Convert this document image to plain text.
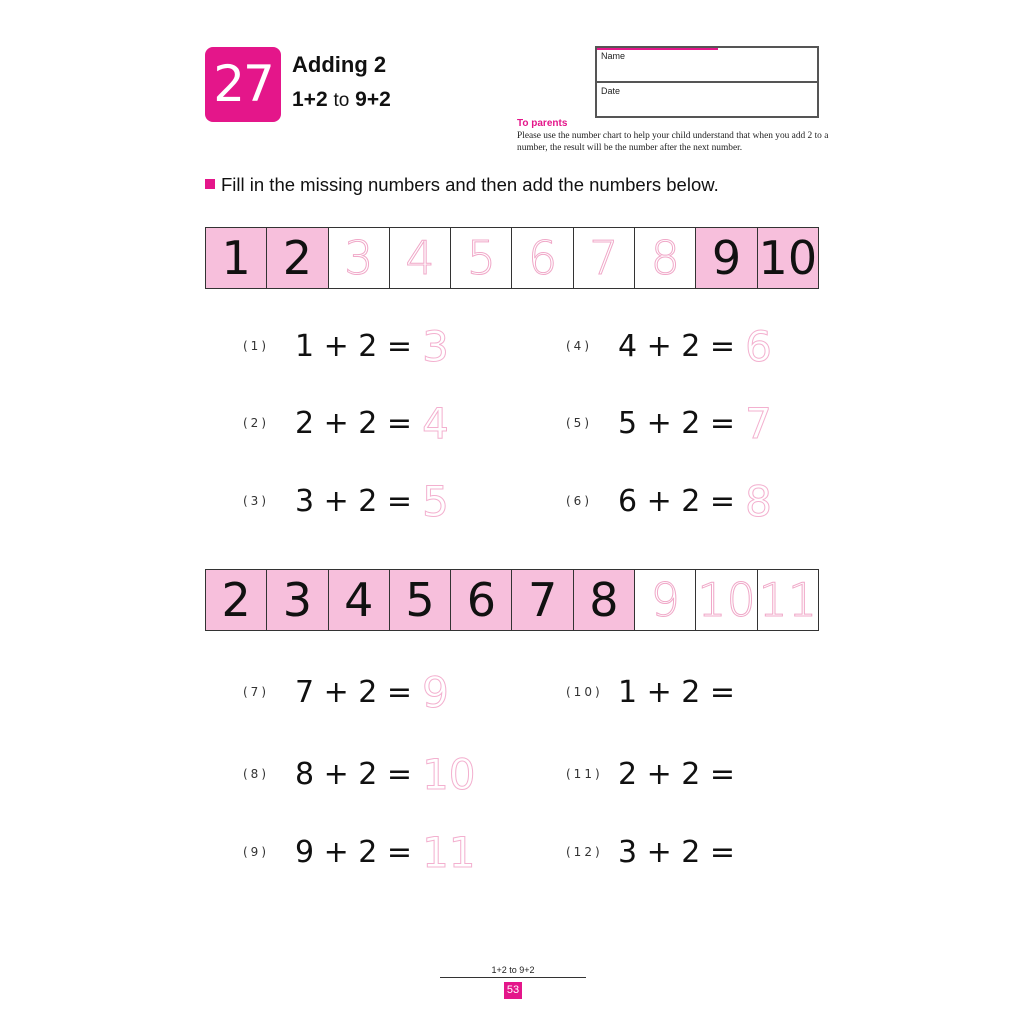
27 Adding 2
1+2 to 9+2
Name
Date
To parents
Please use the number chart to help your child understand that when you add 2 to a number, the result will be the number after the next number.
Fill in the missing numbers and then add the numbers below.
1 2 3 4 5 6 7 8 9 10
(1) 1 + 2 = 3
(2) 2 + 2 = 4
(3) 3 + 2 = 5
(4) 4 + 2 = 6
(5) 5 + 2 = 7
(6) 6 + 2 = 8
2 3 4 5 6 7 8 9 10 11
(7) 7 + 2 = 9
(8) 8 + 2 = 10
(9) 9 + 2 = 11
(10) 1 + 2 =
(11) 2 + 2 =
(12) 3 + 2 =
1+2 to 9+2
53
